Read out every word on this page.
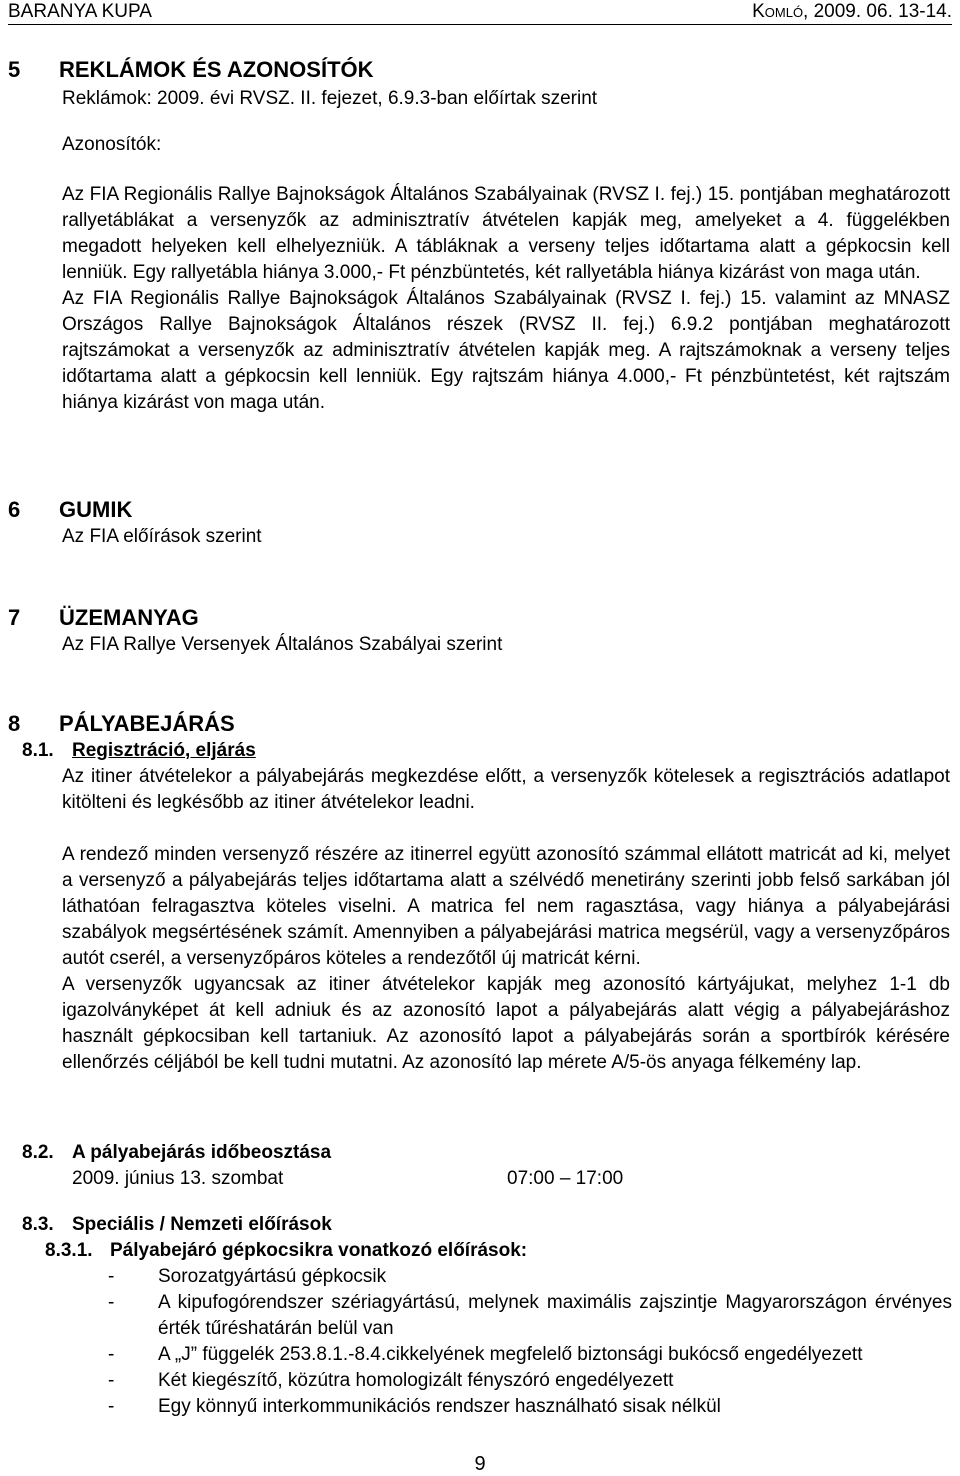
BARANYA KUPA	Komló, 2009. 06. 13-14.
5 REKLÁMOK ÉS AZONOSÍTÓK
Reklámok: 2009. évi RVSZ. II. fejezet, 6.9.3-ban előírtak szerint
Azonosítók:

Az FIA Regionális Rallye Bajnokságok Általános Szabályainak (RVSZ I. fej.) 15. pontjában meghatározott rallyetáblákat a versenyzők az adminisztratív átvételen kapják meg, amelyeket a 4. függelékben megadott helyeken kell elhelyezniük. A tábláknak a verseny teljes időtartama alatt a gépkocsin kell lenniük. Egy rallyetábla hiánya 3.000,- Ft pénzbüntetés, két rallyetábla hiánya kizárást von maga után.

Az FIA Regionális Rallye Bajnokságok Általános Szabályainak (RVSZ I. fej.) 15. valamint az MNASZ Országos Rallye Bajnokságok Általános részek (RVSZ II. fej.) 6.9.2 pontjában meghatározott rajtszámokat a versenyzők az adminisztratív átvételen kapják meg. A rajtszámoknak a verseny teljes időtartama alatt a gépkocsin kell lenniük. Egy rajtszám hiánya 4.000,- Ft pénzbüntetést, két rajtszám hiánya kizárást von maga után.

6 GUMIK
Az FIA előírások szerint
7 ÜZEMANYAG
Az FIA Rallye Versenyek Általános Szabályai szerint
8 PÁLYABEJÁRÁS
8.1. Regisztráció, eljárás

Az itiner átvételekor a pályabejárás megkezdése előtt, a versenyzők kötelesek a regisztrációs adatlapot kitölteni és legkésőbb az itiner átvételekor leadni.

A rendező minden versenyző részére az itinerrel együtt azonosító számmal ellátott matricát ad ki, melyet a versenyző a pályabejárás teljes időtartama alatt a szélvédő menetirány szerinti jobb felső sarkában jól láthatóan felragasztva köteles viselni. A matrica fel nem ragasztása, vagy hiánya a pályabejárási szabályok megsértésének számít. Amennyiben a pályabejárási matrica megsérül, vagy a versenyzőpáros autót cserél, a versenyzőpáros köteles a rendezőtől új matricát kérni.

A versenyzők ugyancsak az itiner átvételekor kapják meg azonosító kártyájukat, melyhez 1-1 db igazolványképet át kell adniuk és az azonosító lapot a pályabejárás alatt végig a pályabejáráshoz használt gépkocsiban kell tartaniuk. Az azonosító lapot a pályabejárás során a sportbírók kérésére ellenőrzés céljából be kell tudni mutatni. Az azonosító lap mérete A/5-ös anyaga félkemény lap.

8.2. A pályabejárás időbeosztása
2009. június 13. szombat	07:00 – 17:00
8.3. Speciális / Nemzeti előírások
8.3.1. Pályabejáró gépkocsikra vonatkozó előírások:
- Sorozatgyártású gépkocsik
- A kipufogórendszer szériagyártású, melynek maximális zajszintje Magyarországon érvényes érték tűréshatárán belül van
- A „J” függelék 253.8.1.-8.4.cikkelyének megfelelő biztonsági bukócső engedélyezett
- Két kiegészítő, közútra homologizált fényszóró engedélyezett
- Egy könnyű interkommunikációs rendszer használható sisak nélkül
9
